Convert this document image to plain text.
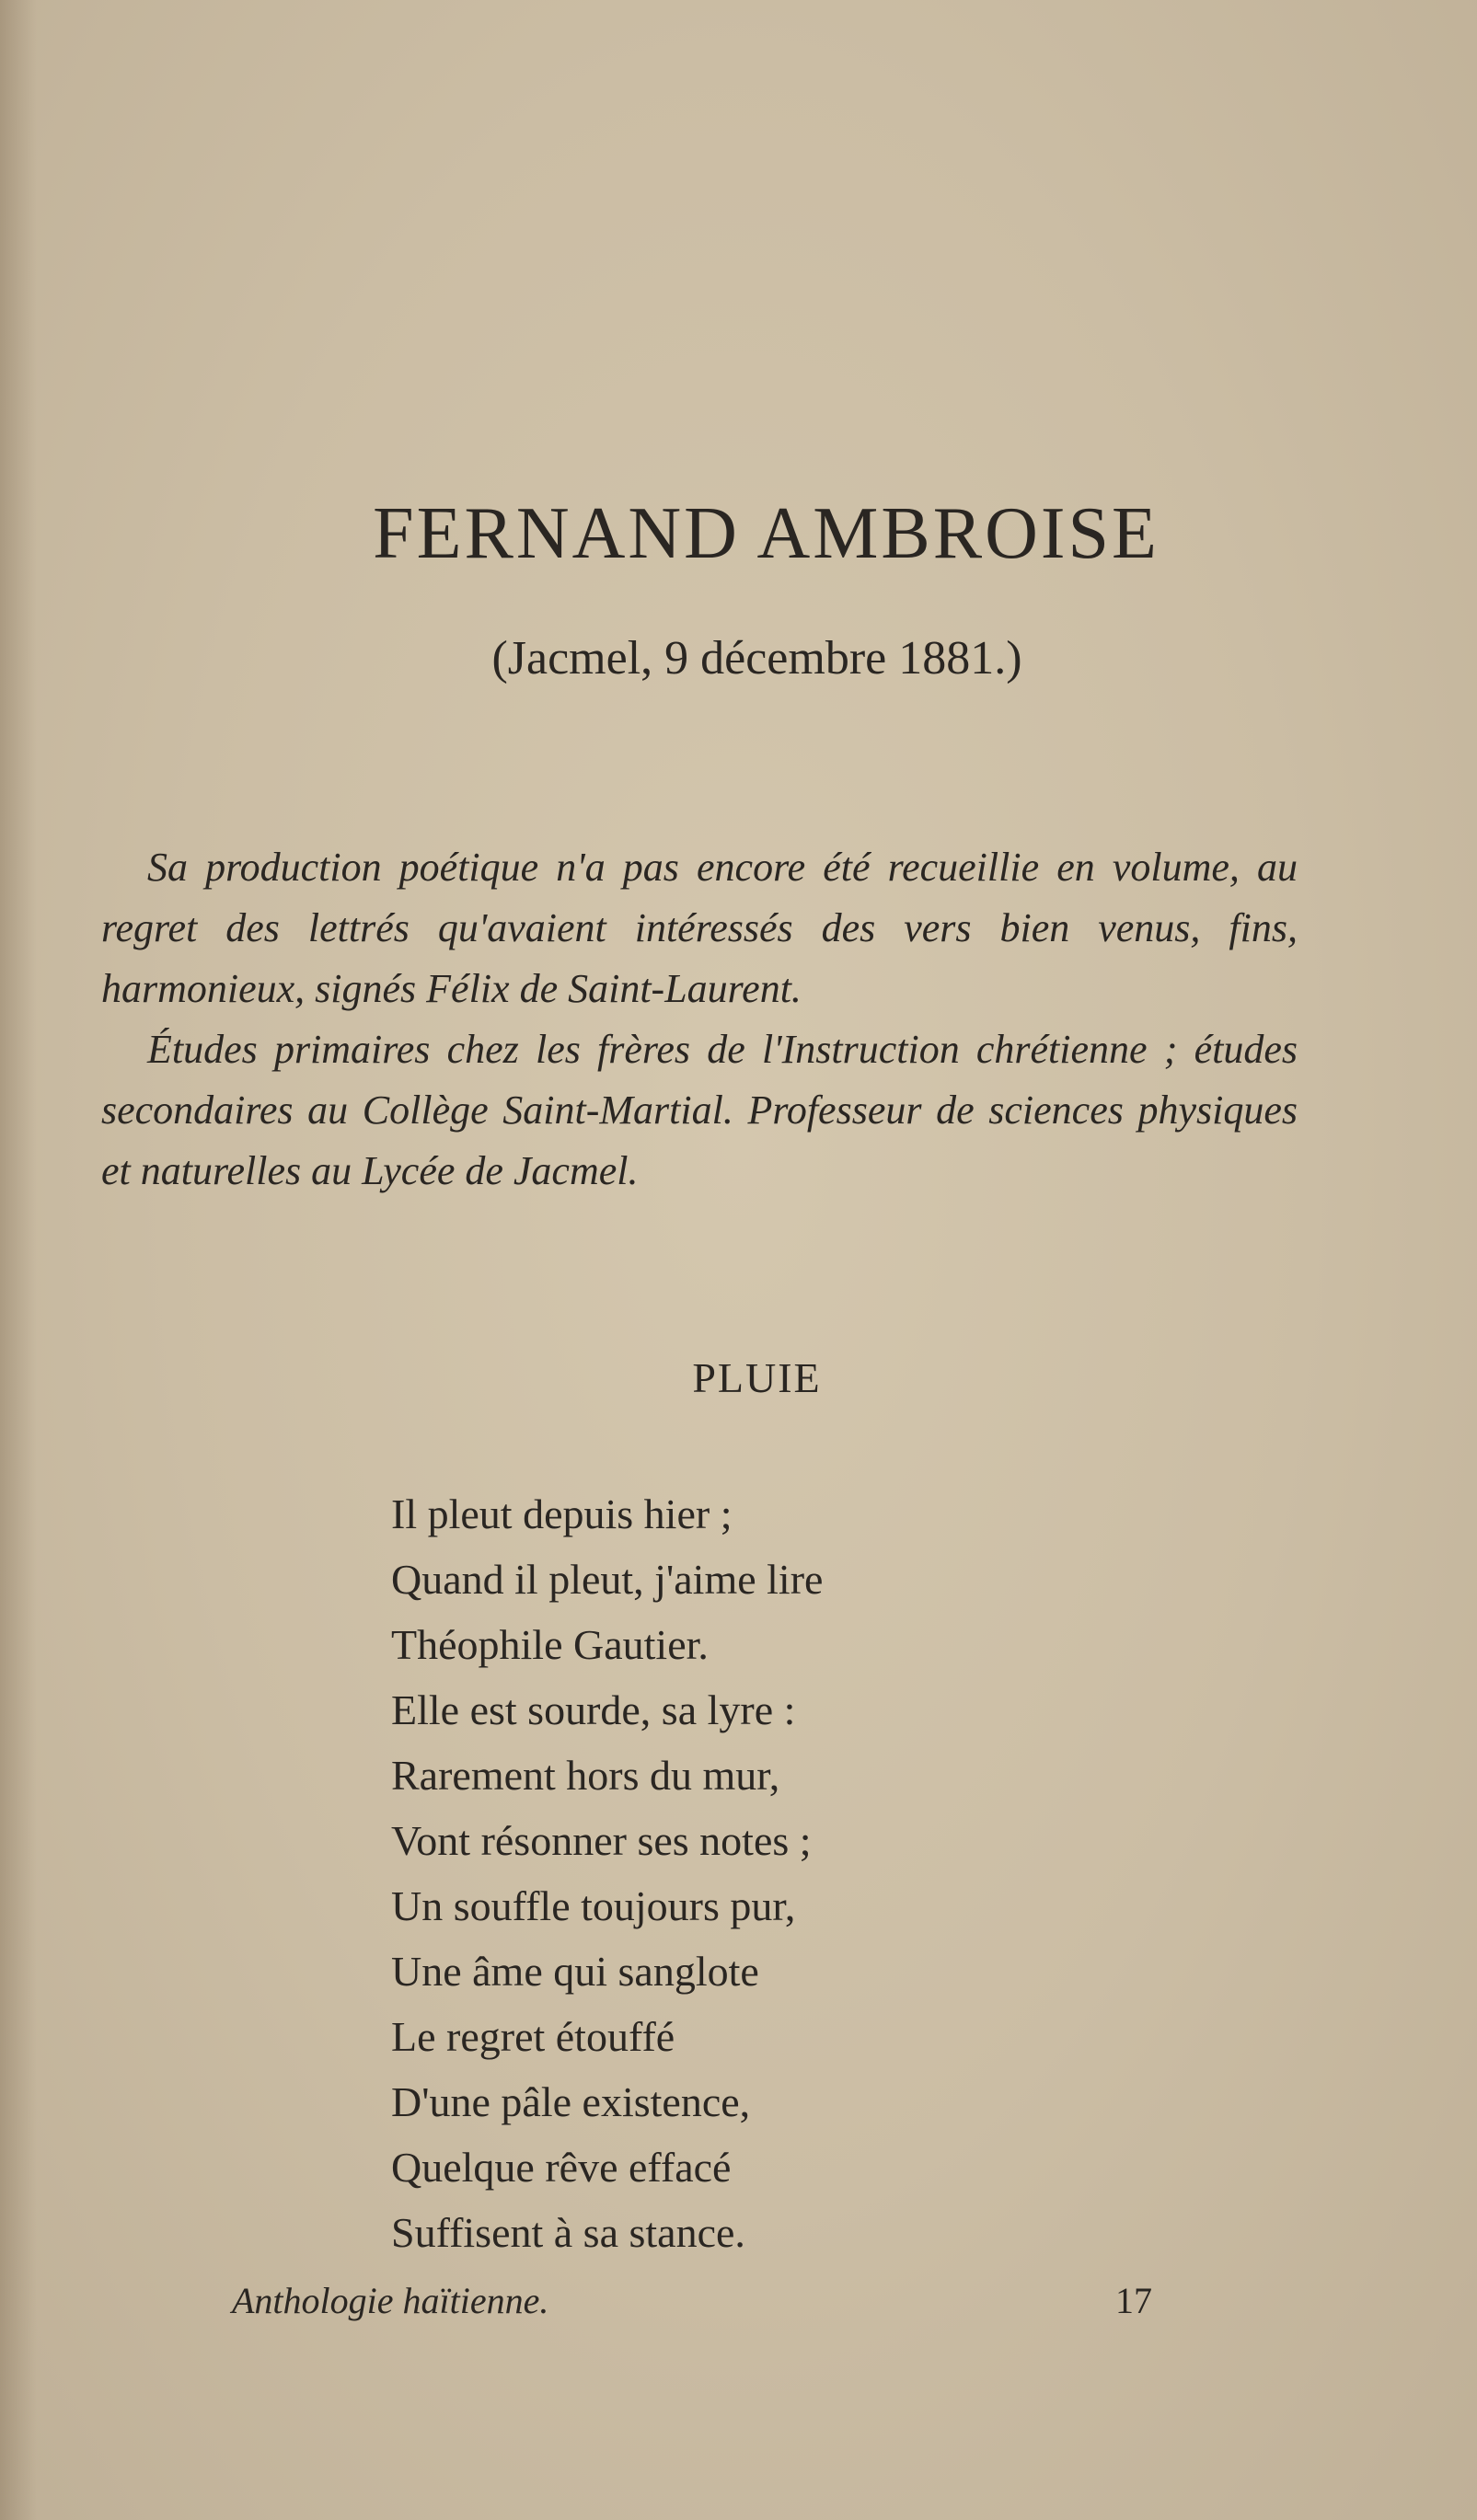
FERNAND AMBROISE
(Jacmel, 9 décembre 1881.)

Sa production poétique n'a pas encore été recueillie en volume, au regret des lettrés qu'avaient intéressés des vers bien venus, fins, harmonieux, signés Félix de Saint-Laurent.

Études primaires chez les frères de l'Instruction chrétienne ; études secondaires au Collège Saint-Martial. Professeur de sciences physiques et naturelles au Lycée de Jacmel.

PLUIE
Il pleut depuis hier ;
Quand il pleut, j'aime lire
Théophile Gautier.
Elle est sourde, sa lyre :
Rarement hors du mur,
Vont résonner ses notes ;
Un souffle toujours pur,
Une âme qui sanglote
Le regret étouffé
D'une pâle existence,
Quelque rêve effacé
Suffisent à sa stance.
Anthologie haïtienne.	17
